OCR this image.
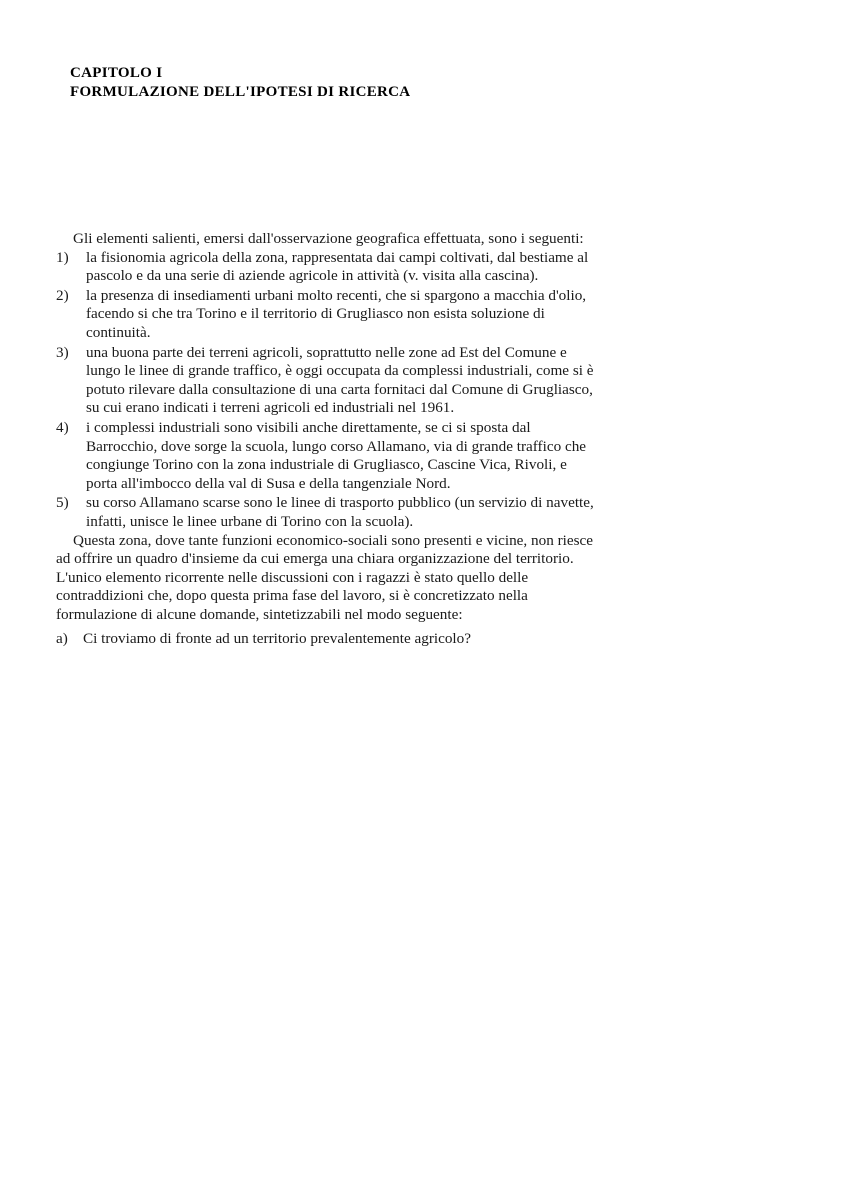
CAPITOLO I
FORMULAZIONE DELL'IPOTESI DI RICERCA

Gli elementi salienti, emersi dall'osservazione geografica effettuata, sono i seguenti:

1)	la fisionomia agricola della zona, rappresentata dai campi coltivati, dal bestiame al pascolo e da una serie di aziende agricole in attività (v. visita alla cascina).
2)	la presenza di insediamenti urbani molto recenti, che si spargono a macchia d'olio, facendo si che tra Torino e il territorio di Grugliasco non esista soluzione di continuità.
3)	una buona parte dei terreni agricoli, soprattutto nelle zone ad Est del Comune e lungo le linee di grande traffico, è oggi occupata da complessi industriali, come si è potuto rilevare dalla consultazione di una carta fornitaci dal Comune di Grugliasco, su cui erano indicati i terreni agricoli ed industriali nel 1961.
4)	i complessi industriali sono visibili anche direttamente, se ci si sposta dal Barrocchio, dove sorge la scuola, lungo corso Allamano, via di grande traffico che congiunge Torino con la zona industriale di Grugliasco, Cascine Vica, Rivoli, e porta all'imbocco della val di Susa e della tangenziale Nord.
5)	su corso Allamano scarse sono le linee di trasporto pubblico (un servizio di navette, infatti, unisce le linee urbane di Torino con la scuola).

Questa zona, dove tante funzioni economico-sociali sono presenti e vicine, non riesce ad offrire un quadro d'insieme da cui emerga una chiara organizzazione del territorio. L'unico elemento ricorrente nelle discussioni con i ragazzi è stato quello delle contraddizioni che, dopo questa prima fase del lavoro, si è concretizzato nella formulazione di alcune domande, sintetizzabili nel modo seguente:

a) Ci troviamo di fronte ad un territorio prevalentemente agricolo?
